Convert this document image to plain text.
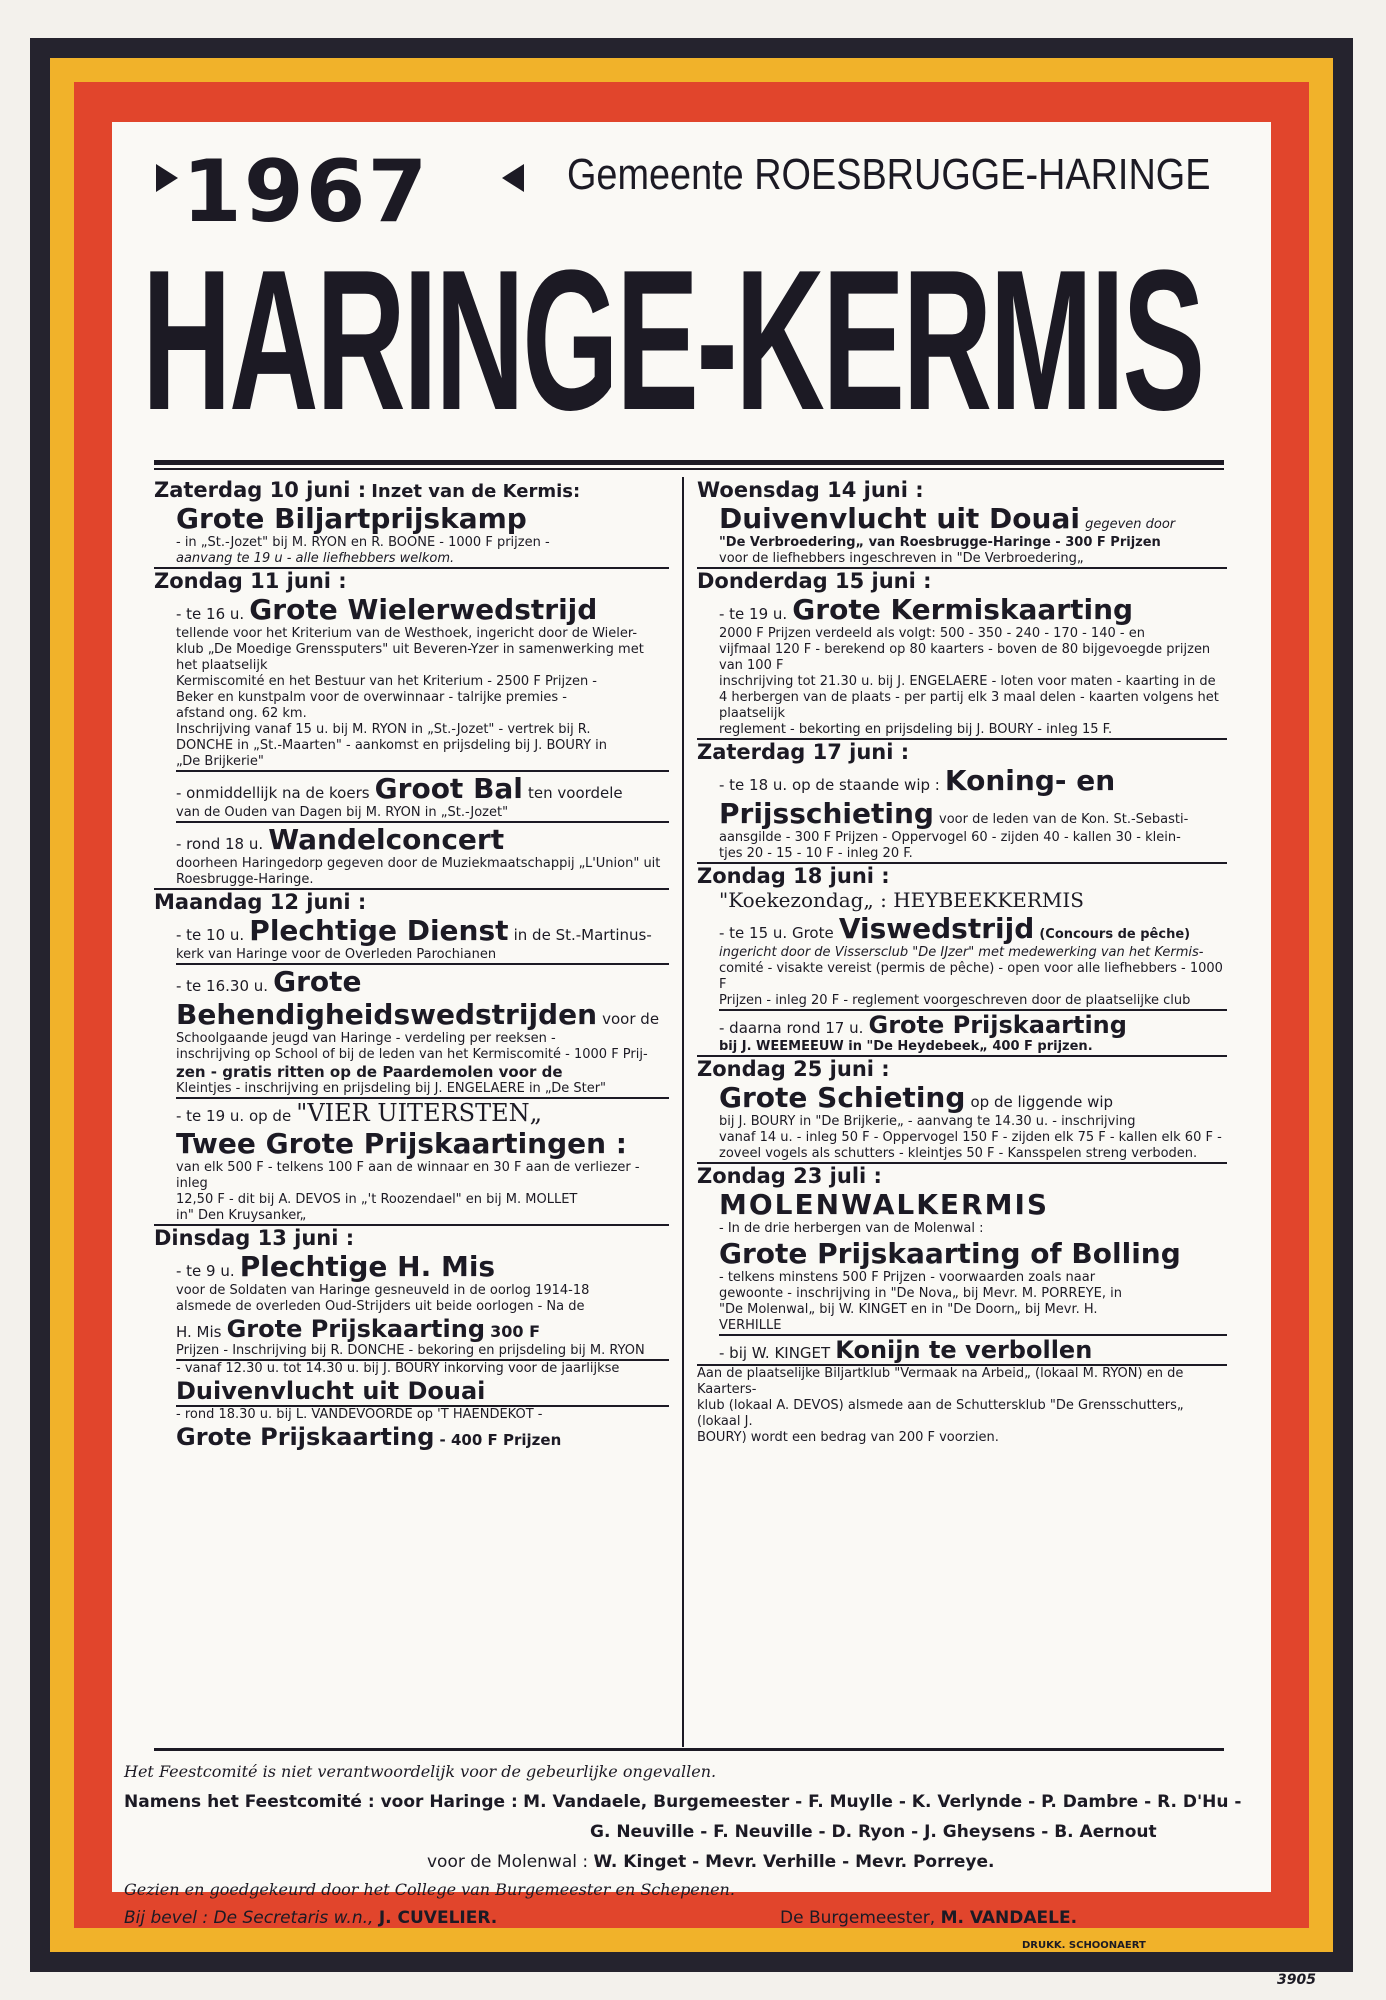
1967	Gemeente ROESBRUGGE-HARINGE
HARINGE-KERMIS
Zaterdag 10 juni : Inzet van de Kermis:
Grote Biljartprijskamp
- in „St.-Jozet" bij M. RYON en R. BOONE - 1000 F prijzen -
aanvang te 19 u - alle liefhebbers welkom.
Zondag 11 juni :
- te 16 u. Grote Wielerwedstrijd
tellende voor het Kriterium van de Westhoek, ingericht door de Wieler-
klub „De Moedige Grenssputers" uit Beveren-Yzer in samenwerking met het plaatselijk
Kermiscomité en het Bestuur van het Kriterium - 2500 F Prijzen -
Beker en kunstpalm voor de overwinnaar - talrijke premies -
afstand ong. 62 km.
Inschrijving vanaf 15 u. bij M. RYON in „St.-Jozet" - vertrek bij R.
DONCHE in „St.-Maarten" - aankomst en prijsdeling bij J. BOURY in
„De Brijkerie"
- onmiddellijk na de koers Groot Bal ten voordele
van de Ouden van Dagen bij M. RYON in „St.-Jozet"
- rond 18 u. Wandelconcert
doorheen Haringedorp gegeven door de Muziekmaatschappij „L'Union" uit
Roesbrugge-Haringe.
Maandag 12 juni :
- te 10 u. Plechtige Dienst in de St.-Martinus-
kerk van Haringe voor de Overleden Parochianen
- te 16.30 u. Grote
Behendigheidswedstrijden voor de
Schoolgaande jeugd van Haringe - verdeling per reeksen -
inschrijving op School of bij de leden van het Kermiscomité - 1000 F Prij-
zen - gratis ritten op de Paardemolen voor de
Kleintjes - inschrijving en prijsdeling bij J. ENGELAERE in „De Ster"
- te 19 u. op de "VIER UITERSTEN„
Twee Grote Prijskaartingen :
van elk 500 F - telkens 100 F aan de winnaar en 30 F aan de verliezer - inleg
12,50 F - dit bij A. DEVOS in „'t Roozendael" en bij M. MOLLET
in" Den Kruysanker„
Dinsdag 13 juni :
- te 9 u. Plechtige H. Mis
voor de Soldaten van Haringe gesneuveld in de oorlog 1914-18
alsmede de overleden Oud-Strijders uit beide oorlogen - Na de
H. Mis Grote Prijskaarting 300 F
Prijzen - Inschrijving bij R. DONCHE - bekoring en prijsdeling bij M. RYON
- vanaf 12.30 u. tot 14.30 u. bij J. BOURY inkorving voor de jaarlijkse
Duivenvlucht uit Douai
- rond 18.30 u. bij L. VANDEVOORDE op 'T HAENDEKOT -
Grote Prijskaarting - 400 F Prijzen
Woensdag 14 juni :
Duivenvlucht uit Douai gegeven door
"De Verbroedering„ van Roesbrugge-Haringe - 300 F Prijzen
voor de liefhebbers ingeschreven in "De Verbroedering„
Donderdag 15 juni :
- te 19 u. Grote Kermiskaarting
2000 F Prijzen verdeeld als volgt: 500 - 350 - 240 - 170 - 140 - en
vijfmaal 120 F - berekend op 80 kaarters - boven de 80 bijgevoegde prijzen van 100 F
inschrijving tot 21.30 u. bij J. ENGELAERE - loten voor maten - kaarting in de
4 herbergen van de plaats - per partij elk 3 maal delen - kaarten volgens het plaatselijk
reglement - bekorting en prijsdeling bij J. BOURY - inleg 15 F.
Zaterdag 17 juni :
- te 18 u. op de staande wip : Koning- en
Prijsschieting voor de leden van de Kon. St.-Sebasti-
aansgilde - 300 F Prijzen - Oppervogel 60 - zijden 40 - kallen 30 - klein-
tjes 20 - 15 - 10 F - inleg 20 F.
Zondag 18 juni :
"Koekezondag„ : HEYBEEKKERMIS
- te 15 u. Grote Viswedstrijd (Concours de pêche)
ingericht door de Vissersclub "De IJzer" met medewerking van het Kermis-
comité - visakte vereist (permis de pêche) - open voor alle liefhebbers - 1000 F
Prijzen - inleg 20 F - reglement voorgeschreven door de plaatselijke club
- daarna rond 17 u. Grote Prijskaarting
bij J. WEEMEEUW in "De Heydebeek„ 400 F prijzen.
Zondag 25 juni :
Grote Schieting op de liggende wip
bij J. BOURY in "De Brijkerie„ - aanvang te 14.30 u. - inschrijving
vanaf 14 u. - inleg 50 F - Oppervogel 150 F - zijden elk 75 F - kallen elk 60 F -
zoveel vogels als schutters - kleintjes 50 F - Kansspelen streng verboden.
Zondag 23 juli :
MOLENWALKERMIS
- In de drie herbergen van de Molenwal :
Grote Prijskaarting of Bolling
- telkens minstens 500 F Prijzen - voorwaarden zoals naar
gewoonte - inschrijving in "De Nova„ bij Mevr. M. PORREYE, in
"De Molenwal„ bij W. KINGET en in "De Doorn„ bij Mevr. H.
VERHILLE
- bij W. KINGET Konijn te verbollen
Aan de plaatselijke Biljartklub "Vermaak na Arbeid„ (lokaal M. RYON) en de Kaarters-
klub (lokaal A. DEVOS) alsmede aan de Schuttersklub "De Grensschutters„ (lokaal J.
BOURY) wordt een bedrag van 200 F voorzien.
Het Feestcomité is niet verantwoordelijk voor de gebeurlijke ongevallen.
Namens het Feestcomité : voor Haringe : M. Vandaele, Burgemeester - F. Muylle - K. Verlynde - P. Dambre - R. D'Hu -
G. Neuville - F. Neuville - D. Ryon - J. Gheysens - B. Aernout
voor de Molenwal : W. Kinget - Mevr. Verhille - Mevr. Porreye.
Gezien en goedgekeurd door het College van Burgemeester en Schepenen.
Bij bevel : De Secretaris w.n., J. CUVELIER.	De Burgemeester, M. VANDAELE.
DRUKK. SCHOONAERT
3905
